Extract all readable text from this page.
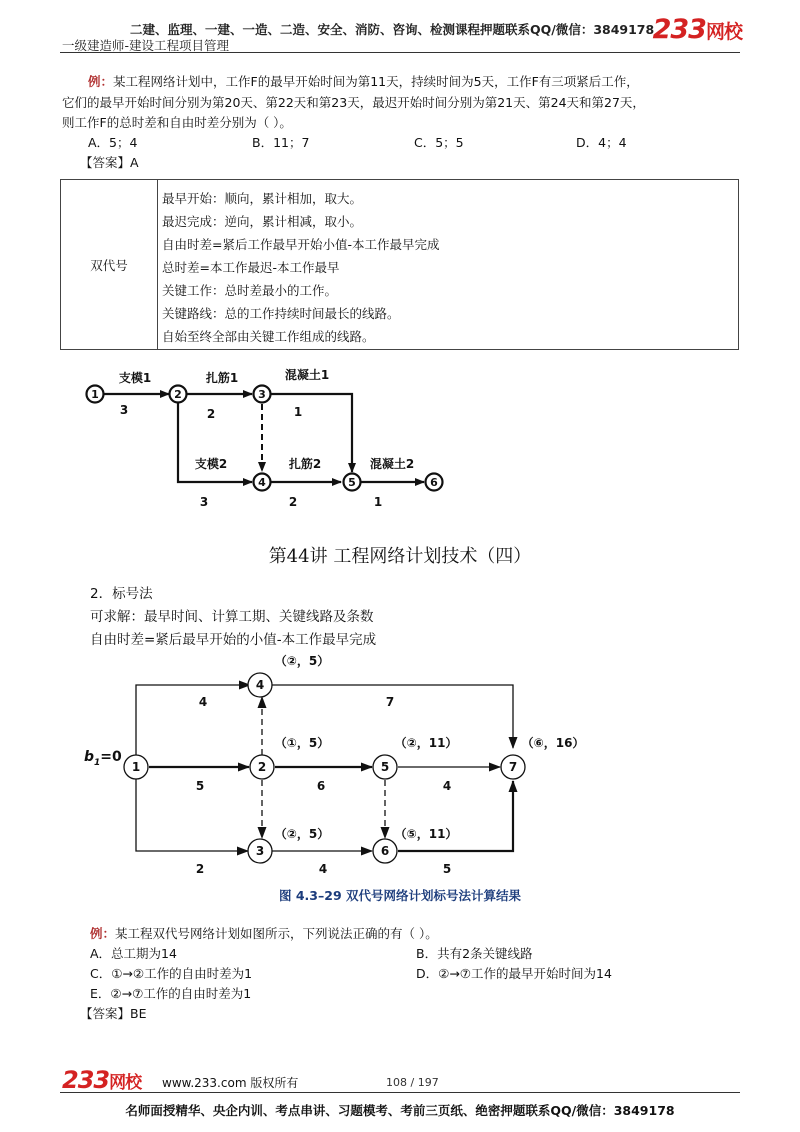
二建、监理、一建、一造、二造、安全、消防、咨询、检测课程押题联系QQ/微信：3849178
一级建造师-建设工程项目管理
233网校
例：某工程网络计划中，工作F的最早开始时间为第11天，持续时间为5天，工作F有三项紧后工作，
它们的最早开始时间分别为第20天、第22天和第23天，最迟开始时间分别为第21天、第24天和第27天，
则工作F的总时差和自由时差分别为（ ）。
A．5；4	B．11；7	C．5；5	D．4；4
【答案】A
双代号
最早开始：顺向，累计相加，取大。
最迟完成：逆向，累计相减，取小。
自由时差=紧后工作最早开始小值-本工作最早完成
总时差=本工作最迟-本工作最早
关键工作：总时差最小的工作。
关键路线：总的工作持续时间最长的线路。
自始至终全部由关键工作组成的线路。
1	2	3
4	5	6
支模1
3
扎筋1
2
混凝土1
1
支模2
3
扎筋2
2
混凝土2
1
第44讲 工程网络计划技术（四）
2．标号法
可求解：最早时间、计算工期、关键线路及条数
自由时差=紧后最早开始的小值-本工作最早完成
1	2
3
4
5
6
7
$b_1=0$
（②，5）
（①，5）
（②，5）
（②，11）
（⑤，11）
（⑥，16）
4
5
2
7
6	4
4	5
图 4.3–29 双代号网络计划标号法计算结果
例：某工程双代号网络计划如图所示，下列说法正确的有（ ）。
A．总工期为14	B．共有2条关键线路
C．①→②工作的自由时差为1	D．②→⑦工作的最早开始时间为14
E．②→⑦工作的自由时差为1
【答案】BE
233网校 www.233.com 版权所有	108 / 197
名师面授精华、央企内训、考点串讲、习题模考、考前三页纸、绝密押题联系QQ/微信：3849178
